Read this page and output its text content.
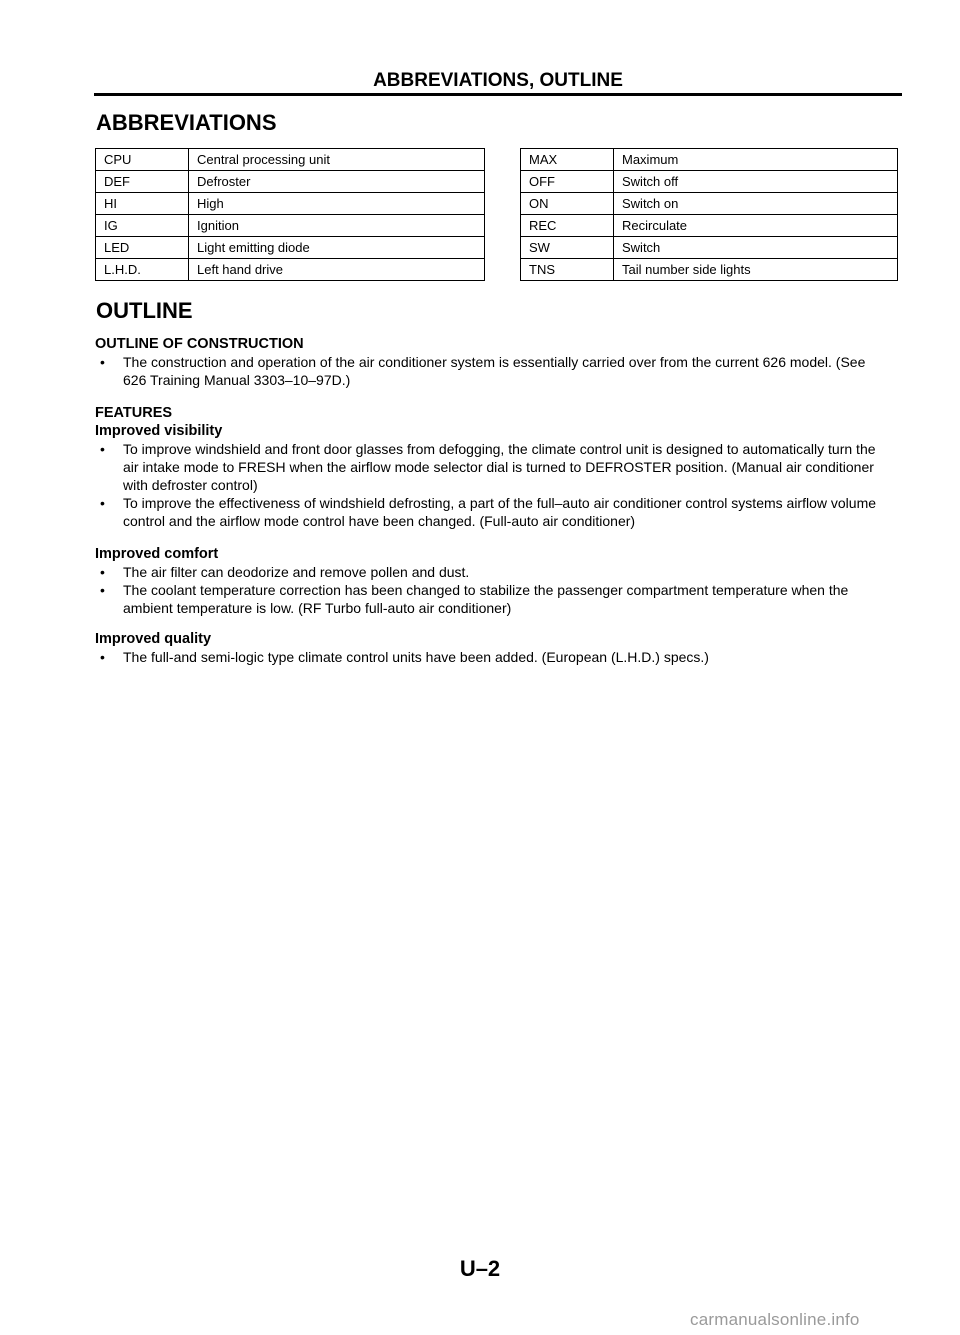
ABBREVIATIONS, OUTLINE
ABBREVIATIONS
CPU	Central processing unit
DEF	Defroster
HI	High
IG	Ignition
LED	Light emitting diode
L.H.D.	Left hand drive
MAX	Maximum
OFF	Switch off
ON	Switch on
REC	Recirculate
SW	Switch
TNS	Tail number side lights
OUTLINE
OUTLINE OF CONSTRUCTION
•	The construction and operation of the air conditioner system is essentially carried over from the current 626 model. (See 626 Training Manual 3303–10–97D.)
FEATURES
Improved visibility
•	To improve windshield and front door glasses from defogging, the climate control unit is designed to automatically turn the air intake mode to FRESH when the airflow mode selector dial is turned to DEFROSTER position. (Manual air conditioner with defroster control)
•	To improve the effectiveness of windshield defrosting, a part of the full–auto air conditioner control systems airflow volume control and the airflow mode control have been changed. (Full-auto air conditioner)
Improved comfort
•	The air filter can deodorize and remove pollen and dust.
•	The coolant temperature correction has been changed to stabilize the passenger compartment temperature when the ambient temperature is low. (RF Turbo full-auto air conditioner)
Improved quality
•	The full-and semi-logic type climate control units have been added. (European (L.H.D.) specs.)
U–2
carmanualsonline.info
